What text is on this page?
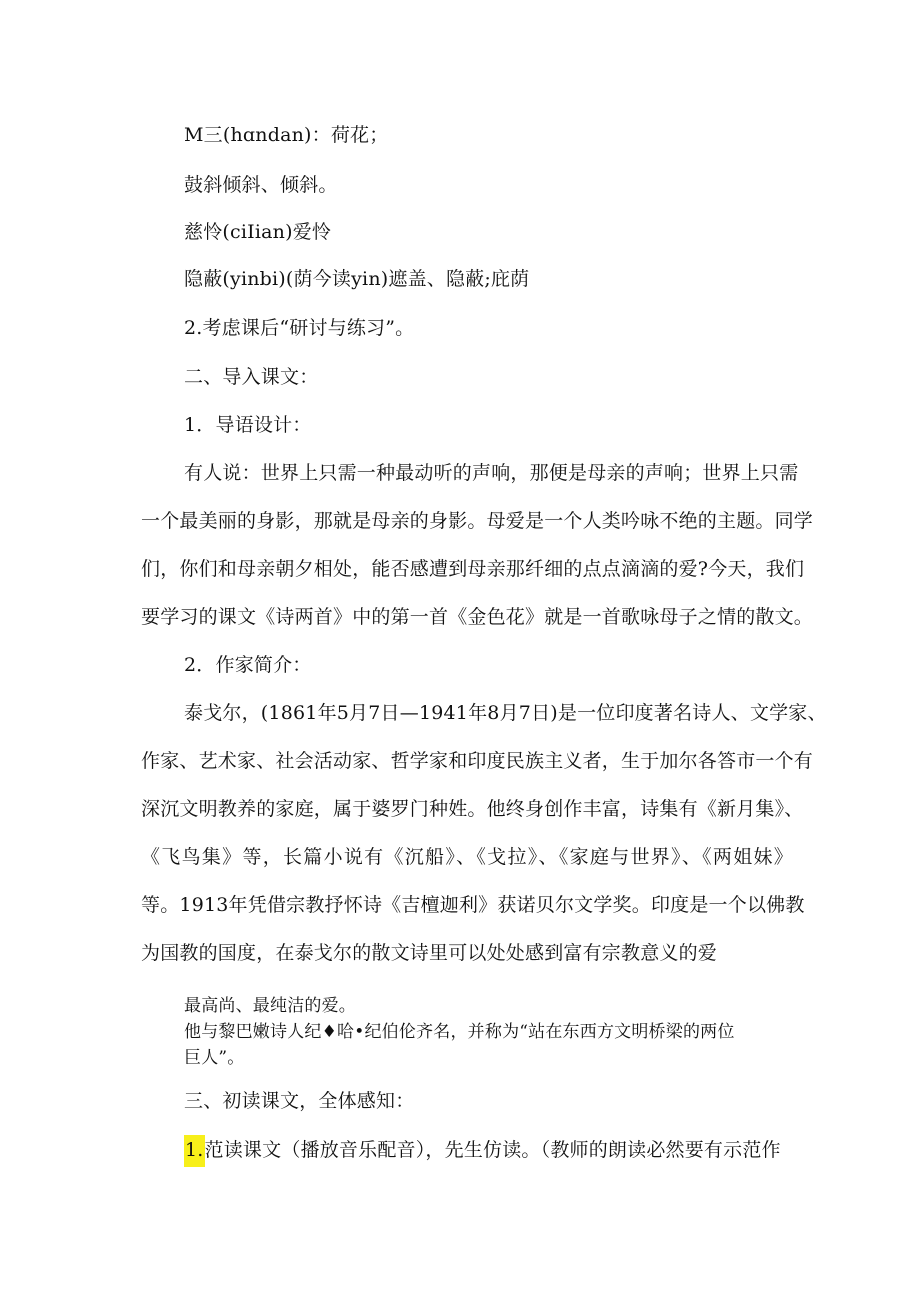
M三(hɑndan)：荷花；
鼓斜倾斜、倾斜。
慈怜(ciIian)爱怜
隐蔽(yinbi)(荫今读yin)遮盖、隐蔽;庇荫
2.考虑课后“研讨与练习”。
二、导入课文：
1．导语设计：
有人说：世界上只需一种最动听的声响，那便是母亲的声响；世界上只需
一个最美丽的身影，那就是母亲的身影。母爱是一个人类吟咏不绝的主题。同学
们，你们和母亲朝夕相处，能否感遭到母亲那纤细的点点滴滴的爱?今天，我们
要学习的课文《诗两首》中的第一首《金色花》就是一首歌咏母子之情的散文。
2．作家简介：
泰戈尔，(1861年5月7日—1941年8月7日)是一位印度著名诗人、文学家、
作家、艺术家、社会活动家、哲学家和印度民族主义者，生于加尔各答市一个有
深沉文明教养的家庭，属于婆罗门种姓。他终身创作丰富，诗集有《新月集》、
《飞鸟集》等，长篇小说有《沉船》、《戈拉》、《家庭与世界》、《两姐妹》
等。1913年凭借宗教抒怀诗《吉檀迦利》获诺贝尔文学奖。印度是一个以佛教
为国教的国度，在泰戈尔的散文诗里可以处处感到富有宗教意义的爱
最高尚、最纯洁的爱。
他与黎巴嫩诗人纪♦哈•纪伯伦齐名，并称为“站在东西方文明桥梁的两位
巨人”。
三、初读课文，全体感知：
1.范读课文（播放音乐配音），先生仿读。（教师的朗读必然要有示范作
